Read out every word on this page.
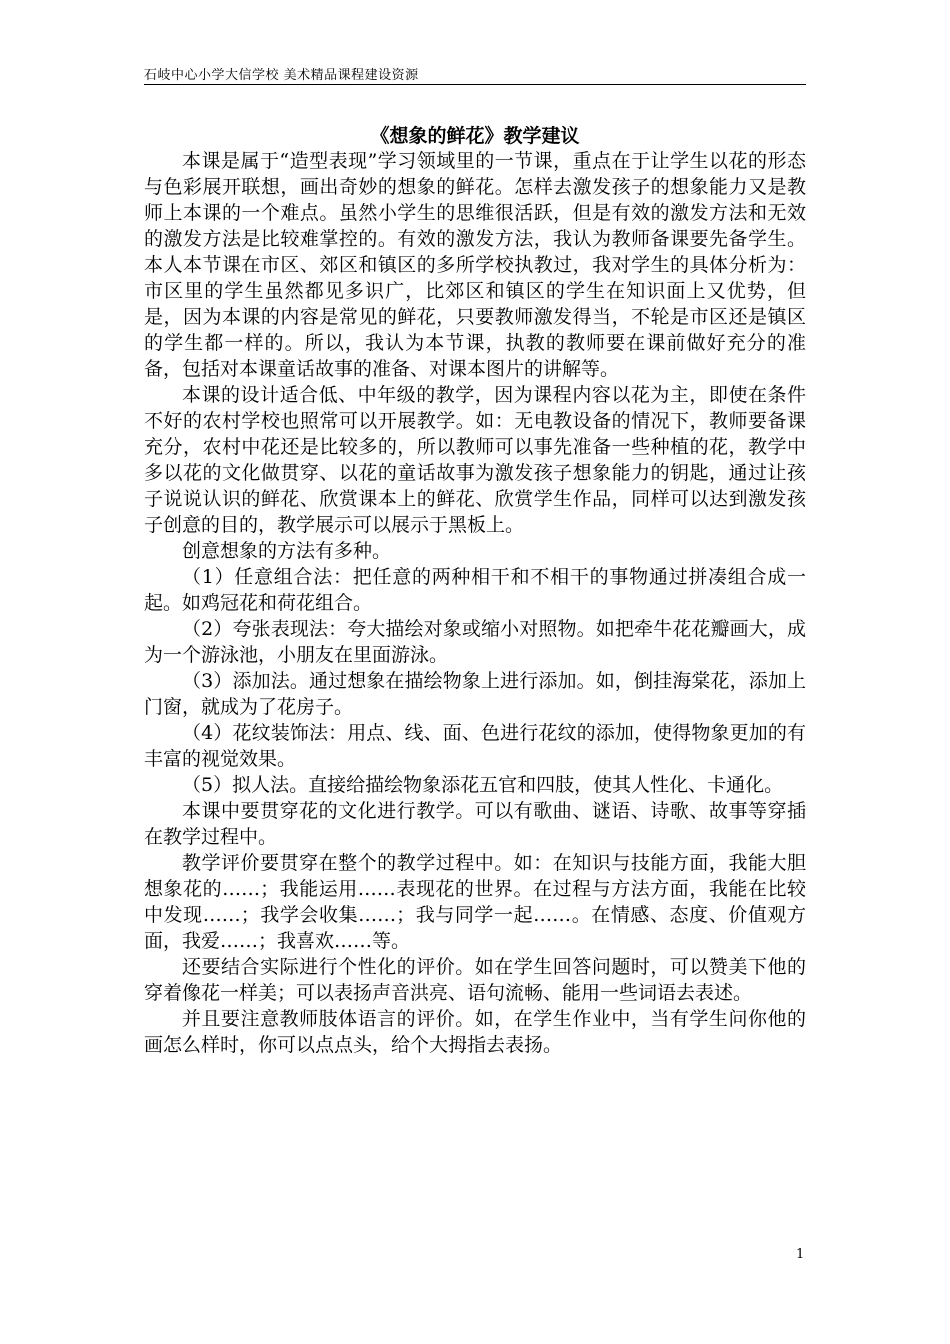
石岐中心小学大信学校 美术精品课程建设资源
《想象的鲜花》教学建议

本课是属于“造型表现”学习领域里的一节课，重点在于让学生以花的形态与色彩展开联想，画出奇妙的想象的鲜花。怎样去激发孩子的想象能力又是教师上本课的一个难点。虽然小学生的思维很活跃，但是有效的激发方法和无效的激发方法是比较难掌控的。有效的激发方法，我认为教师备课要先备学生。本人本节课在市区、郊区和镇区的多所学校执教过，我对学生的具体分析为：市区里的学生虽然都见多识广，比郊区和镇区的学生在知识面上又优势，但是，因为本课的内容是常见的鲜花，只要教师激发得当，不轮是市区还是镇区的学生都一样的。所以，我认为本节课，执教的教师要在课前做好充分的准备，包括对本课童话故事的准备、对课本图片的讲解等。

本课的设计适合低、中年级的教学，因为课程内容以花为主，即使在条件不好的农村学校也照常可以开展教学。如：无电教设备的情况下，教师要备课充分，农村中花还是比较多的，所以教师可以事先准备一些种植的花，教学中多以花的文化做贯穿、以花的童话故事为激发孩子想象能力的钥匙，通过让孩子说说认识的鲜花、欣赏课本上的鲜花、欣赏学生作品，同样可以达到激发孩子创意的目的，教学展示可以展示于黑板上。

创意想象的方法有多种。

（1）任意组合法：把任意的两种相干和不相干的事物通过拼凑组合成一起。如鸡冠花和荷花组合。

（2）夸张表现法：夸大描绘对象或缩小对照物。如把牵牛花花瓣画大，成为一个游泳池，小朋友在里面游泳。

（3）添加法。通过想象在描绘物象上进行添加。如，倒挂海棠花，添加上门窗，就成为了花房子。

（4）花纹装饰法：用点、线、面、色进行花纹的添加，使得物象更加的有丰富的视觉效果。

（5）拟人法。直接给描绘物象添花五官和四肢，使其人性化、卡通化。

本课中要贯穿花的文化进行教学。可以有歌曲、谜语、诗歌、故事等穿插在教学过程中。

教学评价要贯穿在整个的教学过程中。如：在知识与技能方面，我能大胆想象花的……；我能运用……表现花的世界。在过程与方法方面，我能在比较中发现……；我学会收集……；我与同学一起……。在情感、态度、价值观方面，我爱……；我喜欢……等。

还要结合实际进行个性化的评价。如在学生回答问题时，可以赞美下他的穿着像花一样美；可以表扬声音洪亮、语句流畅、能用一些词语去表述。

并且要注意教师肢体语言的评价。如，在学生作业中，当有学生问你他的画怎么样时，你可以点点头，给个大拇指去表扬。

1
